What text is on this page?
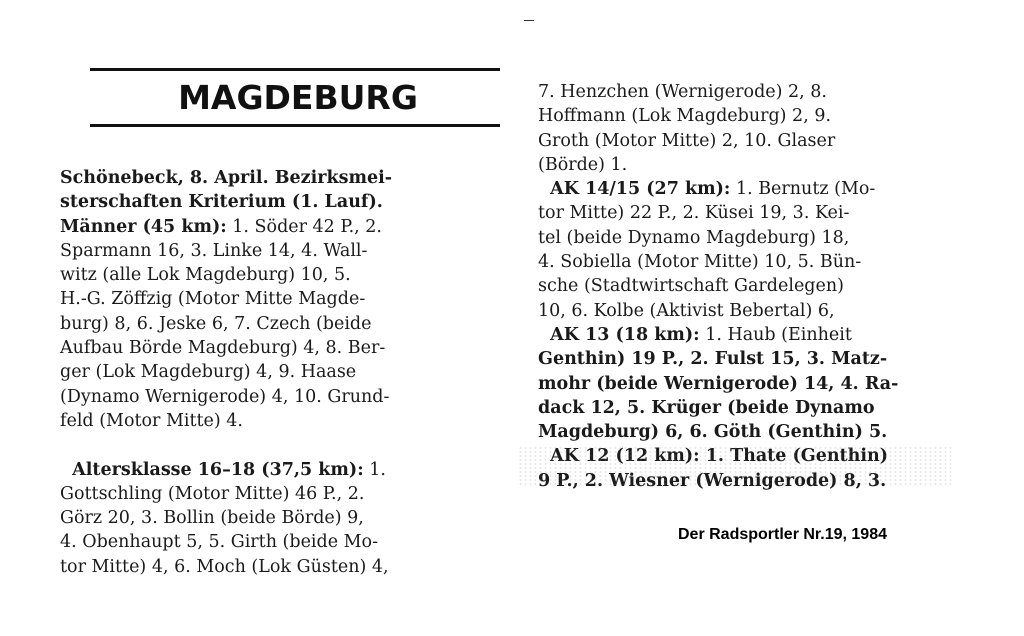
MAGDEBURG
Schönebeck, 8. April. Bezirksmei-
sterschaften Kriterium (1. Lauf).
Männer (45 km): 1. Söder 42 P., 2.
Sparmann 16, 3. Linke 14, 4. Wall-
witz (alle Lok Magdeburg) 10, 5.
H.-G. Zöffzig (Motor Mitte Magde-
burg) 8, 6. Jeske 6, 7. Czech (beide
Aufbau Börde Magdeburg) 4, 8. Ber-
ger (Lok Magdeburg) 4, 9. Haase
(Dynamo Wernigerode) 4, 10. Grund-
feld (Motor Mitte) 4.
Altersklasse 16–18 (37,5 km): 1.
Gottschling (Motor Mitte) 46 P., 2.
Görz 20, 3. Bollin (beide Börde) 9,
4. Obenhaupt 5, 5. Girth (beide Mo-
tor Mitte) 4, 6. Moch (Lok Güsten) 4,
7. Henzchen (Wernigerode) 2, 8.
Hoffmann (Lok Magdeburg) 2, 9.
Groth (Motor Mitte) 2, 10. Glaser
(Börde) 1.
AK 14/15 (27 km): 1. Bernutz (Mo-
tor Mitte) 22 P., 2. Küsei 19, 3. Kei-
tel (beide Dynamo Magdeburg) 18,
4. Sobiella (Motor Mitte) 10, 5. Bün-
sche (Stadtwirtschaft Gardelegen)
10, 6. Kolbe (Aktivist Bebertal) 6,
AK 13 (18 km): 1. Haub (Einheit
Genthin) 19 P., 2. Fulst 15, 3. Matz-
mohr (beide Wernigerode) 14, 4. Ra-
dack 12, 5. Krüger (beide Dynamo
Magdeburg) 6, 6. Göth (Genthin) 5.
AK 12 (12 km): 1. Thate (Genthin)
9 P., 2. Wiesner (Wernigerode) 8, 3.
Der Radsportler Nr.19, 1984
